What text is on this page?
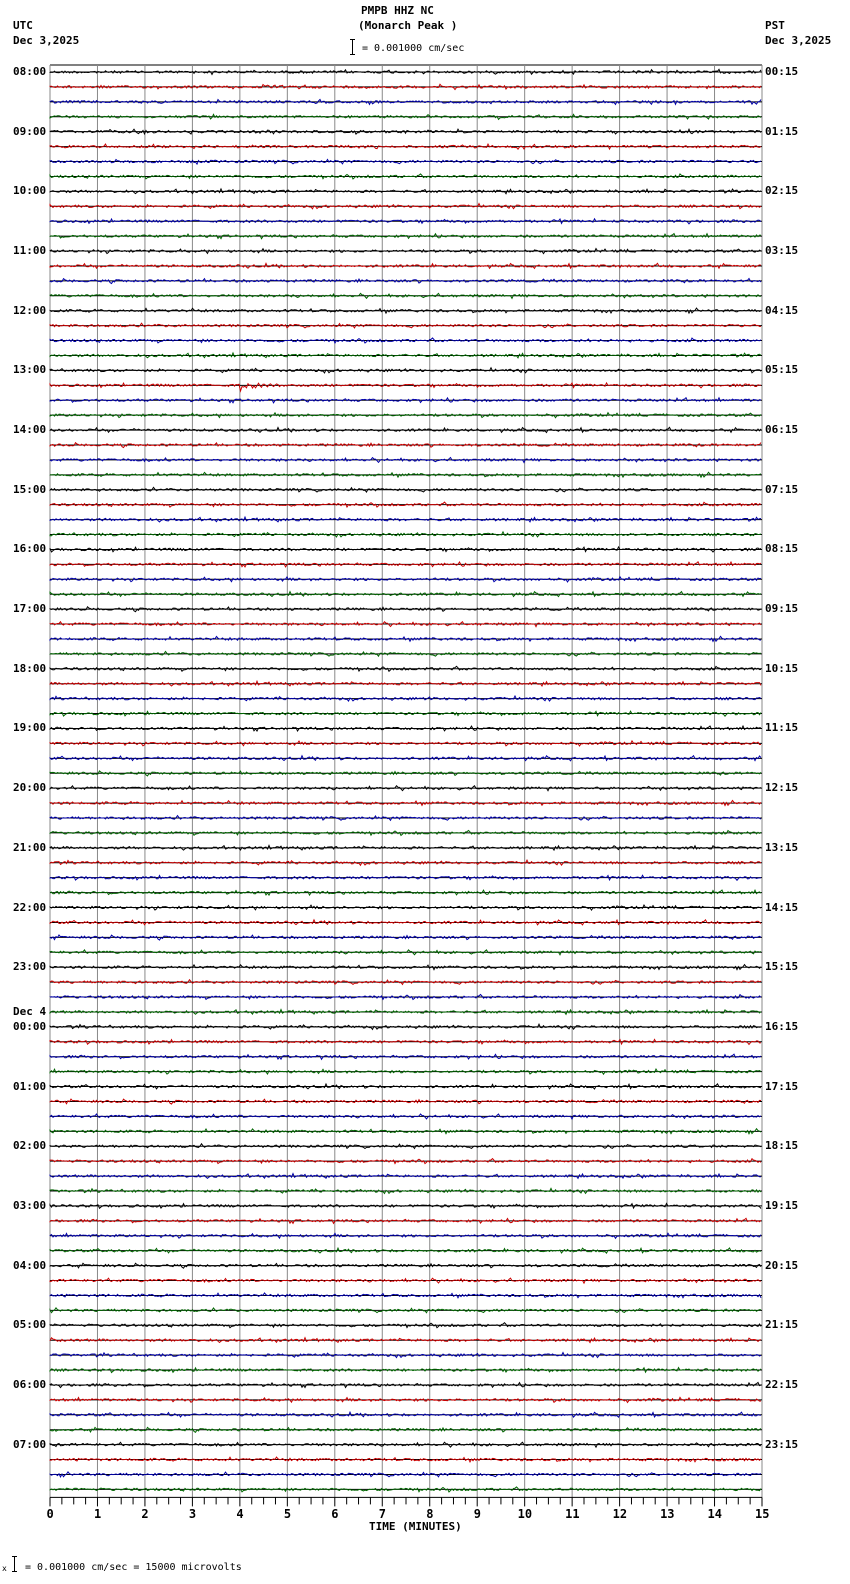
PMPB HHZ NC
(Monarch Peak )
UTC
Dec 3,2025
PST
Dec 3,2025
= 0.001000 cm/sec
x = 0.001000 cm/sec = 15000 microvolts
0	1	2	3	4	5	6	7	8	9	10	11	12	13	14	15
TIME (MINUTES)
08:00
09:00
10:00
11:00
12:00
13:00
14:00
15:00
16:00
17:00
18:00
19:00
20:00
21:00
22:00
23:00
00:00
01:00
02:00
03:00
04:00
05:00
06:00
07:00
Dec 4
00:15
01:15
02:15
03:15
04:15
05:15
06:15
07:15
08:15
09:15
10:15
11:15
12:15
13:15
14:15
15:15
16:15
17:15
18:15
19:15
20:15
21:15
22:15
23:15
